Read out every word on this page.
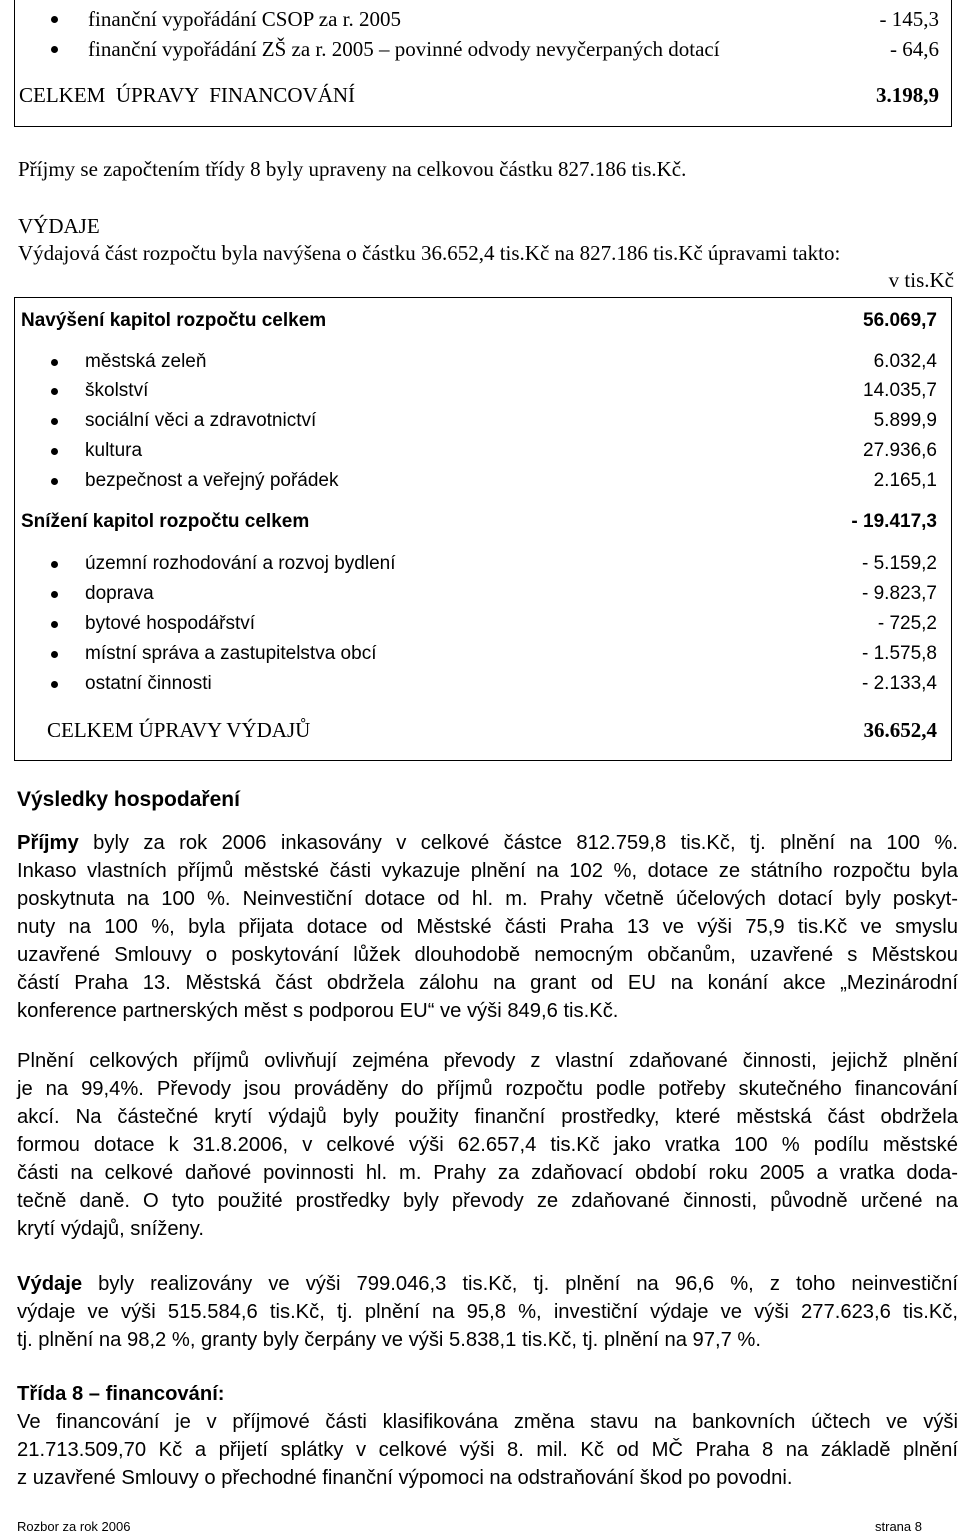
finanční vypořádání CSOP za r. 2005	- 145,3
finanční vypořádání ZŠ za r. 2005 – povinné odvody nevyčerpaných dotací	- 64,6
CELKEM  ÚPRAVY  FINANCOVÁNÍ	3.198,9
Příjmy se započtením třídy 8 byly upraveny na celkovou částku 827.186 tis.Kč.
VÝDAJE
Výdajová část rozpočtu byla navýšena o částku 36.652,4 tis.Kč na 827.186 tis.Kč úpravami takto:
v tis.Kč
Navýšení kapitol rozpočtu celkem	56.069,7
městská zeleň	6.032,4
školství	14.035,7
sociální věci a zdravotnictví	5.899,9
kultura	27.936,6
bezpečnost a veřejný pořádek	2.165,1
Snížení kapitol rozpočtu celkem	- 19.417,3
územní rozhodování a rozvoj bydlení	- 5.159,2
doprava	- 9.823,7
bytové hospodářství	- 725,2
místní správa a zastupitelstva obcí	- 1.575,8
ostatní činnosti	- 2.133,4
CELKEM ÚPRAVY VÝDAJŮ	36.652,4
Výsledky hospodaření
Příjmy byly za rok 2006 inkasovány v celkové částce 812.759,8 tis.Kč, tj. plnění na 100 %.
Inkaso vlastních příjmů městské části vykazuje plnění na 102 %, dotace ze státního rozpočtu byla
poskytnuta na 100 %. Neinvestiční dotace od hl. m. Prahy včetně účelových dotací byly poskyt-
nuty na 100 %, byla přijata dotace od Městské části Praha 13 ve výši 75,9 tis.Kč ve smyslu
uzavřené Smlouvy o poskytování lůžek dlouhodobě nemocným občanům, uzavřené s Městskou
částí Praha 13. Městská část obdržela zálohu na grant od EU na konání akce „Mezinárodní
konference partnerských měst s podporou EU“ ve výši 849,6 tis.Kč.
Plnění celkových příjmů ovlivňují zejména převody z vlastní zdaňované činnosti, jejichž plnění
je na 99,4%. Převody jsou prováděny do příjmů rozpočtu podle potřeby skutečného financování
akcí. Na částečné krytí výdajů byly použity finanční prostředky, které městská část obdržela
formou dotace k 31.8.2006, v celkové výši 62.657,4 tis.Kč jako vratka 100 % podílu městské
části na celkové daňové povinnosti hl. m. Prahy za zdaňovací období roku 2005 a vratka doda-
tečně daně. O tyto použité prostředky byly převody ze zdaňované činnosti, původně určené na
krytí výdajů, sníženy.
Výdaje byly realizovány ve výši 799.046,3 tis.Kč, tj. plnění na 96,6 %, z toho neinvestiční
výdaje ve výši 515.584,6 tis.Kč, tj. plnění na 95,8 %, investiční výdaje ve výši 277.623,6 tis.Kč,
tj. plnění na 98,2 %, granty byly čerpány ve výši 5.838,1 tis.Kč, tj. plnění na 97,7 %.
Třída 8 – financování:
Ve financování je v příjmové části klasifikována změna stavu na bankovních účtech ve výši
21.713.509,70 Kč a přijetí splátky v celkové výši 8. mil. Kč od MČ Praha 8 na základě plnění
z uzavřené Smlouvy o přechodné finanční výpomoci na odstraňování škod po povodni.
Rozbor za rok 2006	strana 8
